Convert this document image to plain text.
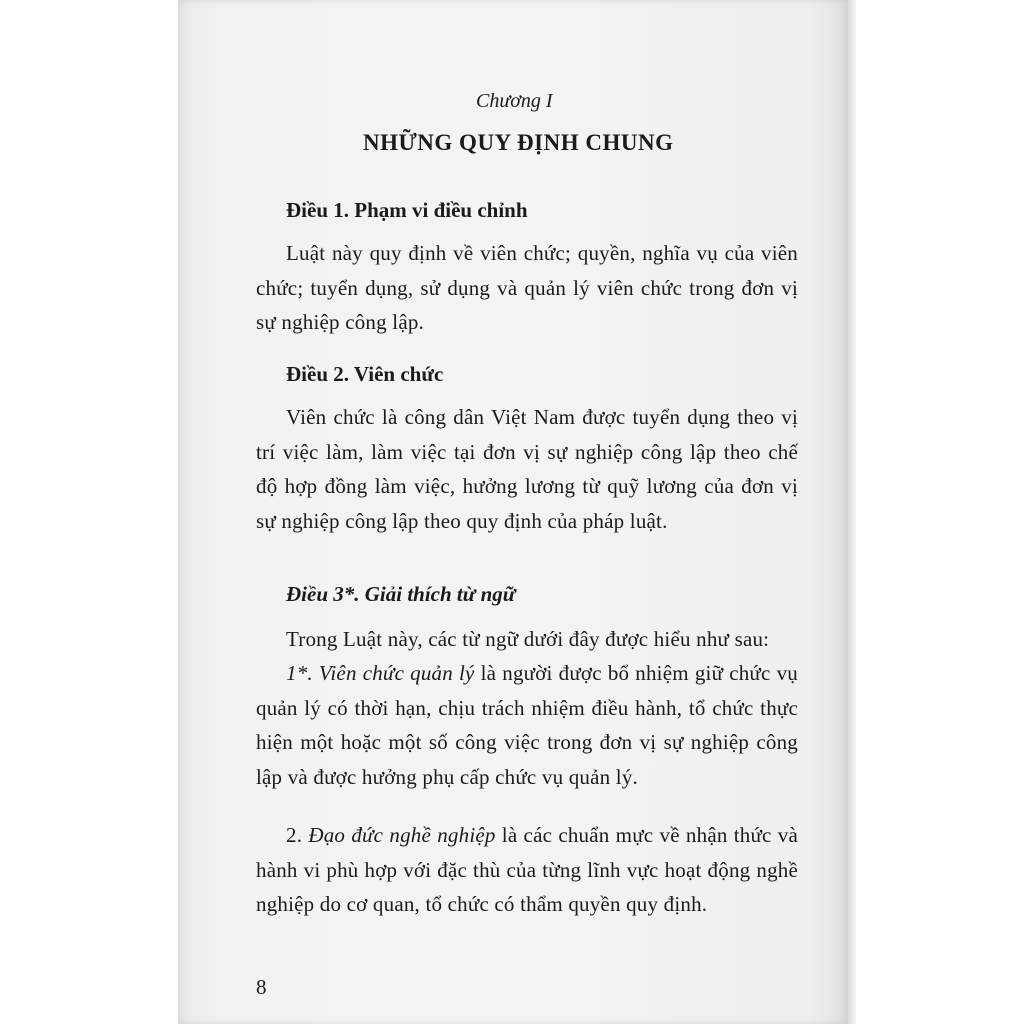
Chương I

NHỮNG QUY ĐỊNH CHUNG

Điều 1. Phạm vi điều chỉnh

Luật này quy định về viên chức; quyền, nghĩa vụ của viên chức; tuyển dụng, sử dụng và quản lý viên chức trong đơn vị sự nghiệp công lập.

Điều 2. Viên chức

Viên chức là công dân Việt Nam được tuyển dụng theo vị trí việc làm, làm việc tại đơn vị sự nghiệp công lập theo chế độ hợp đồng làm việc, hưởng lương từ quỹ lương của đơn vị sự nghiệp công lập theo quy định của pháp luật.

Điều 3*. Giải thích từ ngữ

Trong Luật này, các từ ngữ dưới đây được hiểu như sau:

1*. Viên chức quản lý là người được bổ nhiệm giữ chức vụ quản lý có thời hạn, chịu trách nhiệm điều hành, tổ chức thực hiện một hoặc một số công việc trong đơn vị sự nghiệp công lập và được hưởng phụ cấp chức vụ quản lý.

2. Đạo đức nghề nghiệp là các chuẩn mực về nhận thức và hành vi phù hợp với đặc thù của từng lĩnh vực hoạt động nghề nghiệp do cơ quan, tổ chức có thẩm quyền quy định.

8
